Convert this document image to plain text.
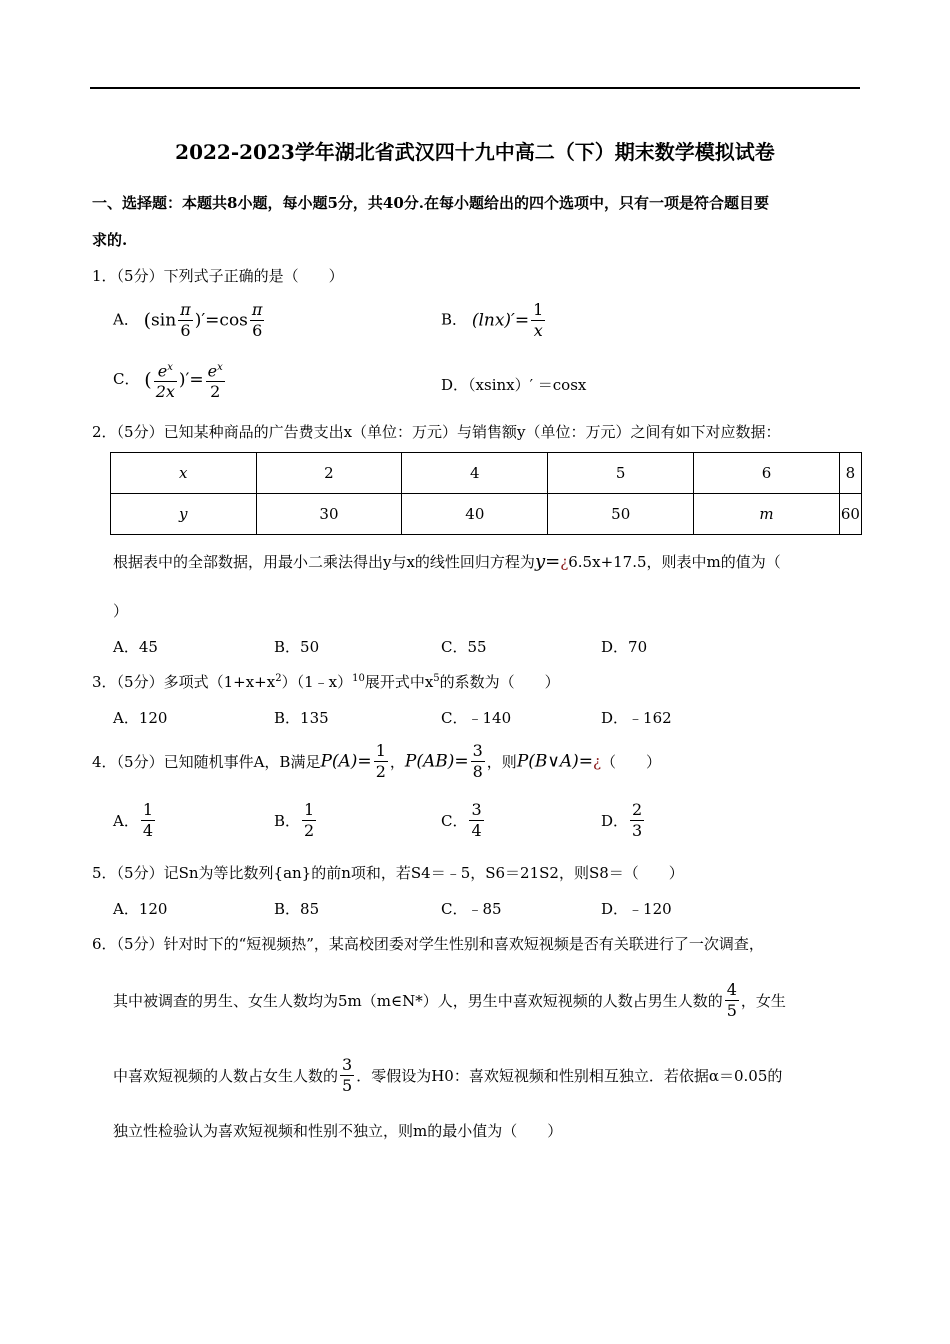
2022-2023学年湖北省武汉四十九中高二（下）期末数学模拟试卷
一、选择题：本题共8小题，每小题5分，共40分.在每小题给出的四个选项中，只有一项是符合题目要
求的.
1．（5分）下列式子正确的是（　　）
A． $(\sin \frac{\pi}{6} )'=\cos \frac{\pi}{6}$	B． $(\ln x)'= \frac{1}{x}$
C． ( $\frac{e^x}{2x}$ )′= $\frac{e^x}{2}$	D．（xsinx）′ ＝cosx
2．（5分）已知某种商品的广告费支出x（单位：万元）与销售额y（单位：万元）之间有如下对应数据：
x	2	4	5	6	8
y	30	40	50	m	60
根据表中的全部数据，用最小二乘法得出y与x的线性回归方程为y=¿6.5x+17.5，则表中m的值为（
）
A．45	B．50	C．55	D．70
3．（5分）多项式$(1+x+x^2)(1﹣x)^{10}$展开式中$x^5$的系数为（　　）
A．120	B．135	C．﹣140	D．﹣162
4．（5分）已知随机事件A，B满足$P(A)= \frac{1}{2}$ ，$P(AB)= \frac{3}{8}$ ，则P(B∨A)=¿（　　）
A． $\frac{1}{4}$	B． $\frac{1}{2}$	C． $\frac{3}{4}$	D． $\frac{2}{3}$
5．（5分）记Sn为等比数列{an}的前n项和，若S4＝﹣5，S6＝21S2，则S8＝（　　）
A．120	B．85	C．﹣85	D．﹣120
6．（5分）针对时下的“短视频热”，某高校团委对学生性别和喜欢短视频是否有关联进行了一次调查，
其中被调查的男生、女生人数均为5m（m∈N*）人，男生中喜欢短视频的人数占男生人数的 $\frac{4}{5}$ ，女生
中喜欢短视频的人数占女生人数的 $\frac{3}{5}$ ．零假设为H0：喜欢短视频和性别相互独立．若依据α＝0.05的
独立性检验认为喜欢短视频和性别不独立，则m的最小值为（　　）
